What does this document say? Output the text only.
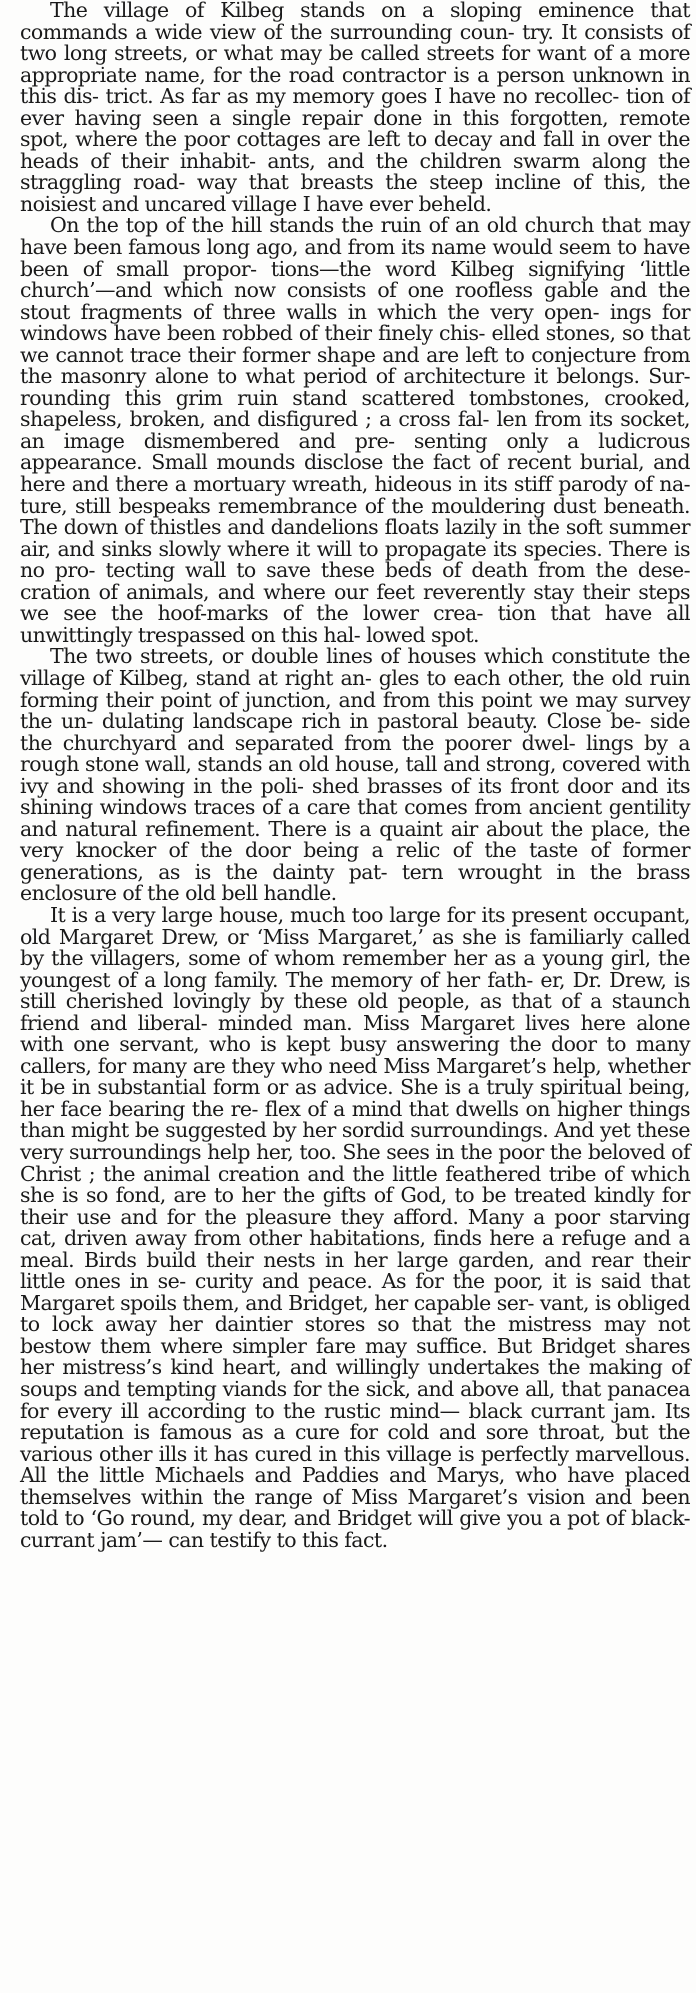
The village of Kilbeg stands on a sloping eminence that commands a wide view of the surrounding coun- try. It consists of two long streets, or what may be called streets for want of a more appropriate name, for the road contractor is a person unknown in this dis- trict. As far as my memory goes I have no recollec- tion of ever having seen a single repair done in this forgotten, remote spot, where the poor cottages are left to decay and fall in over the heads of their inhabit- ants, and the children swarm along the straggling road- way that breasts the steep incline of this, the noisiest and uncared village I have ever beheld.

On the top of the hill stands the ruin of an old church that may have been famous long ago, and from its name would seem to have been of small propor- tions—the word Kilbeg signifying ‘little church’—and which now consists of one roofless gable and the stout fragments of three walls in which the very open- ings for windows have been robbed of their finely chis- elled stones, so that we cannot trace their former shape and are left to conjecture from the masonry alone to what period of architecture it belongs. Sur- rounding this grim ruin stand scattered tombstones, crooked, shapeless, broken, and disfigured ; a cross fal- len from its socket, an image dismembered and pre- senting only a ludicrous appearance. Small mounds disclose the fact of recent burial, and here and there a mortuary wreath, hideous in its stiff parody of na- ture, still bespeaks remembrance of the mouldering dust beneath. The down of thistles and dandelions floats lazily in the soft summer air, and sinks slowly where it will to propagate its species. There is no pro- tecting wall to save these beds of death from the dese- cration of animals, and where our feet reverently stay their steps we see the hoof-marks of the lower crea- tion that have all unwittingly trespassed on this hal- lowed spot.

The two streets, or double lines of houses which constitute the village of Kilbeg, stand at right an- gles to each other, the old ruin forming their point of junction, and from this point we may survey the un- dulating landscape rich in pastoral beauty. Close be- side the churchyard and separated from the poorer dwel- lings by a rough stone wall, stands an old house, tall and strong, covered with ivy and showing in the poli- shed brasses of its front door and its shining windows traces of a care that comes from ancient gentility and natural refinement. There is a quaint air about the place, the very knocker of the door being a relic of the taste of former generations, as is the dainty pat- tern wrought in the brass enclosure of the old bell handle.

It is a very large house, much too large for its present occupant, old Margaret Drew, or ‘Miss Margaret,’ as she is familiarly called by the villagers, some of whom remember her as a young girl, the youngest of a long family. The memory of her fath- er, Dr. Drew, is still cherished lovingly by these old people, as that of a staunch friend and liberal- minded man. Miss Margaret lives here alone with one servant, who is kept busy answering the door to many callers, for many are they who need Miss Margaret’s help, whether it be in substantial form or as advice. She is a truly spiritual being, her face bearing the re- flex of a mind that dwells on higher things than might be suggested by her sordid surroundings. And yet these very surroundings help her, too. She sees in the poor the beloved of Christ ; the animal creation and the little feathered tribe of which she is so fond, are to her the gifts of God, to be treated kindly for their use and for the pleasure they afford. Many a poor starving cat, driven away from other habitations, finds here a refuge and a meal. Birds build their nests in her large garden, and rear their little ones in se- curity and peace. As for the poor, it is said that Margaret spoils them, and Bridget, her capable ser- vant, is obliged to lock away her daintier stores so that the mistress may not bestow them where simpler fare may suffice. But Bridget shares her mistress’s kind heart, and willingly undertakes the making of soups and tempting viands for the sick, and above all, that panacea for every ill according to the rustic mind— black currant jam. Its reputation is famous as a cure for cold and sore throat, but the various other ills it has cured in this village is perfectly marvellous. All the little Michaels and Paddies and Marys, who have placed themselves within the range of Miss Margaret’s vision and been told to ‘Go round, my dear, and Bridget will give you a pot of black-currant jam’— can testify to this fact.
